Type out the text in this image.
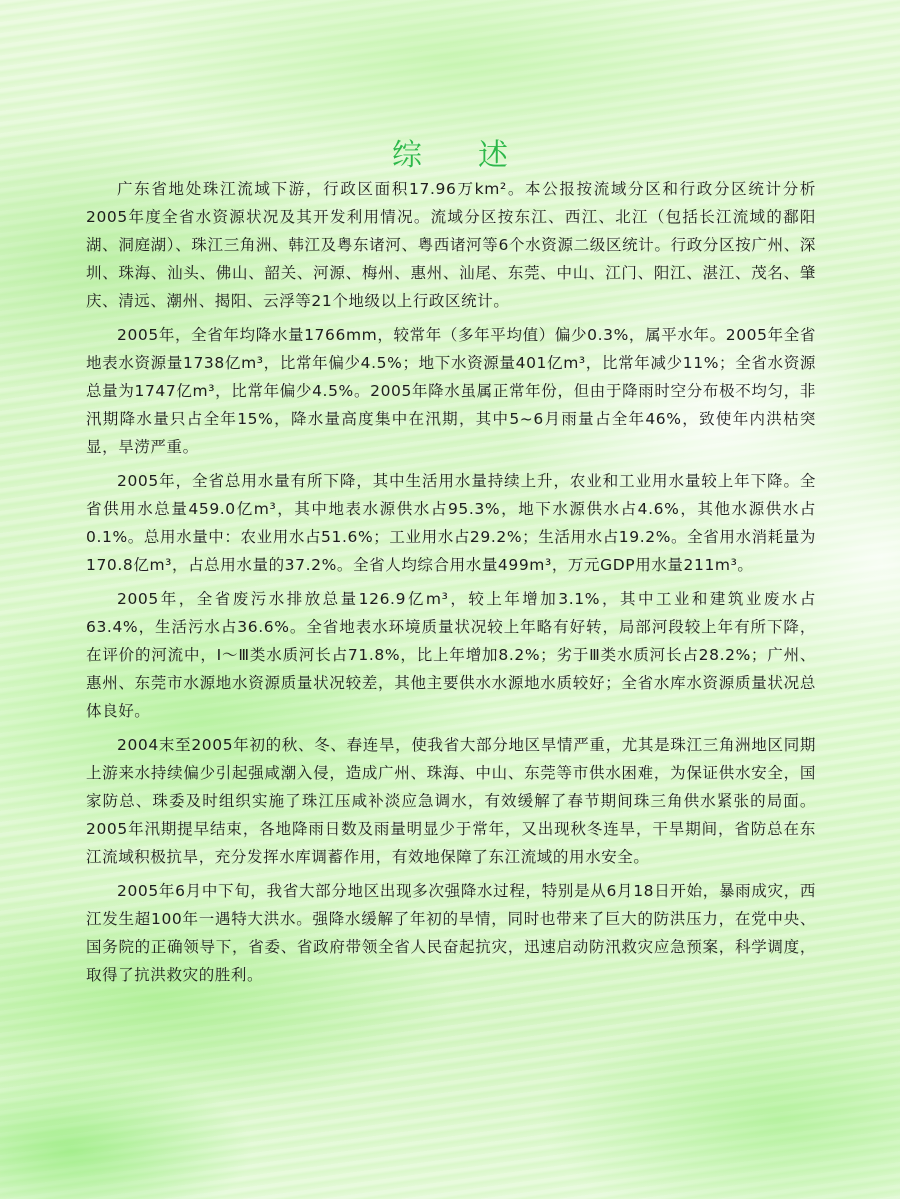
综 述

广东省地处珠江流域下游，行政区面积17.96万km²。本公报按流域分区和行政分区统计分析2005年度全省水资源状况及其开发利用情况。流域分区按东江、西江、北江（包括长江流域的鄱阳湖、洞庭湖）、珠江三角洲、韩江及粤东诸河、粤西诸河等6个水资源二级区统计。行政分区按广州、深圳、珠海、汕头、佛山、韶关、河源、梅州、惠州、汕尾、东莞、中山、江门、阳江、湛江、茂名、肇庆、清远、潮州、揭阳、云浮等21个地级以上行政区统计。

2005年，全省年均降水量1766mm，较常年（多年平均值）偏少0.3%，属平水年。2005年全省地表水资源量1738亿m³，比常年偏少4.5%；地下水资源量401亿m³，比常年减少11%；全省水资源总量为1747亿m³，比常年偏少4.5%。2005年降水虽属正常年份，但由于降雨时空分布极不均匀，非汛期降水量只占全年15%，降水量高度集中在汛期，其中5~6月雨量占全年46%，致使年内洪枯突显，旱涝严重。

2005年，全省总用水量有所下降，其中生活用水量持续上升，农业和工业用水量较上年下降。全省供用水总量459.0亿m³，其中地表水源供水占95.3%，地下水源供水占4.6%，其他水源供水占0.1%。总用水量中：农业用水占51.6%；工业用水占29.2%；生活用水占19.2%。全省用水消耗量为170.8亿m³，占总用水量的37.2%。全省人均综合用水量499m³，万元GDP用水量211m³。

2005年，全省废污水排放总量126.9亿m³，较上年增加3.1%，其中工业和建筑业废水占63.4%，生活污水占36.6%。全省地表水环境质量状况较上年略有好转，局部河段较上年有所下降，在评价的河流中，Ⅰ～Ⅲ类水质河长占71.8%，比上年增加8.2%；劣于Ⅲ类水质河长占28.2%；广州、惠州、东莞市水源地水资源质量状况较差，其他主要供水水源地水质较好；全省水库水资源质量状况总体良好。

2004末至2005年初的秋、冬、春连旱，使我省大部分地区旱情严重，尤其是珠江三角洲地区同期上游来水持续偏少引起强咸潮入侵，造成广州、珠海、中山、东莞等市供水困难，为保证供水安全，国家防总、珠委及时组织实施了珠江压咸补淡应急调水，有效缓解了春节期间珠三角供水紧张的局面。2005年汛期提早结束，各地降雨日数及雨量明显少于常年，又出现秋冬连旱，干旱期间，省防总在东江流域积极抗旱，充分发挥水库调蓄作用，有效地保障了东江流域的用水安全。

2005年6月中下旬，我省大部分地区出现多次强降水过程，特别是从6月18日开始，暴雨成灾，西江发生超100年一遇特大洪水。强降水缓解了年初的旱情，同时也带来了巨大的防洪压力，在党中央、国务院的正确领导下，省委、省政府带领全省人民奋起抗灾，迅速启动防汛救灾应急预案，科学调度，取得了抗洪救灾的胜利。
